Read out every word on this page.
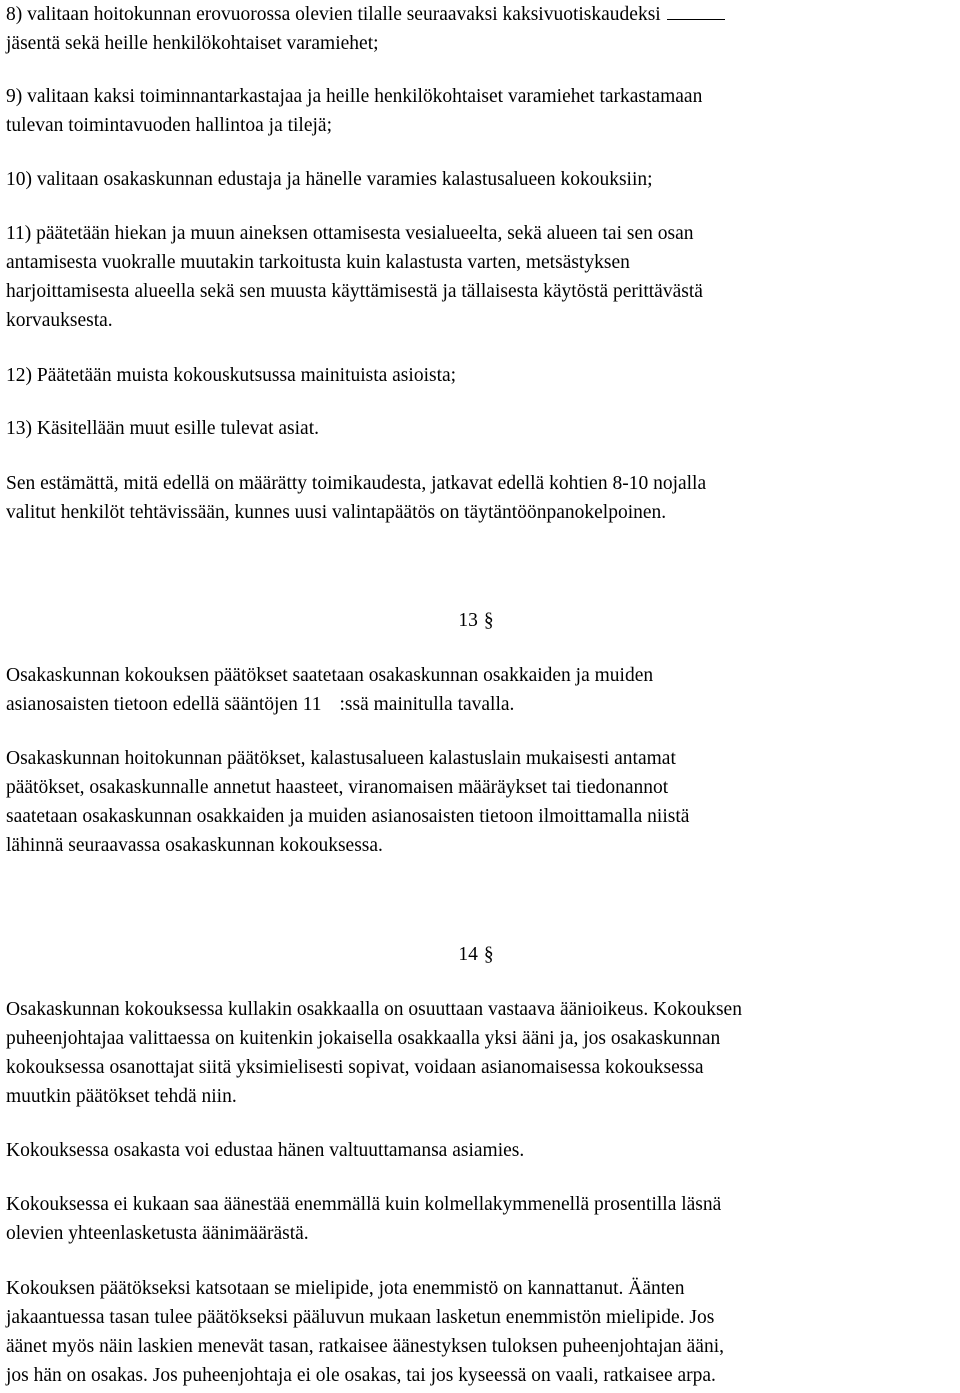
8) valitaan hoitokunnan erovuorossa olevien tilalle seuraavaksi kaksivuotiskaudeksi
jäsentä sekä heille henkilökohtaiset varamiehet;

9) valitaan kaksi toiminnantarkastajaa ja heille henkilökohtaiset varamiehet tarkastamaan
tulevan toimintavuoden hallintoa ja tilejä;

10) valitaan osakaskunnan edustaja ja hänelle varamies kalastusalueen kokouksiin;

11) päätetään hiekan ja muun aineksen ottamisesta vesialueelta, sekä alueen tai sen osan
antamisesta vuokralle muutakin tarkoitusta kuin kalastusta varten, metsästyksen
harjoittamisesta alueella sekä sen muusta käyttämisestä ja tällaisesta käytöstä perittävästä
korvauksesta.

12) Päätetään muista kokouskutsussa mainituista asioista;

13) Käsitellään muut esille tulevat asiat.

Sen estämättä, mitä edellä on määrätty toimikaudesta, jatkavat edellä kohtien 8-10 nojalla
valitut henkilöt tehtävissään, kunnes uusi valintapäätös on täytäntöönpanokelpoinen.

13 §

Osakaskunnan kokouksen päätökset saatetaan osakaskunnan osakkaiden ja muiden
asianosaisten tietoon edellä sääntöjen 11 :ssä mainitulla tavalla.

Osakaskunnan hoitokunnan päätökset, kalastusalueen kalastuslain mukaisesti antamat
päätökset, osakaskunnalle annetut haasteet, viranomaisen määräykset tai tiedonannot
saatetaan osakaskunnan osakkaiden ja muiden asianosaisten tietoon ilmoittamalla niistä
lähinnä seuraavassa osakaskunnan kokouksessa.

14 §

Osakaskunnan kokouksessa kullakin osakkaalla on osuuttaan vastaava äänioikeus. Kokouksen
puheenjohtajaa valittaessa on kuitenkin jokaisella osakkaalla yksi ääni ja, jos osakaskunnan
kokouksessa osanottajat siitä yksimielisesti sopivat, voidaan asianomaisessa kokouksessa
muutkin päätökset tehdä niin.

Kokouksessa osakasta voi edustaa hänen valtuuttamansa asiamies.

Kokouksessa ei kukaan saa äänestää enemmällä kuin kolmellakymmenellä prosentilla läsnä
olevien yhteenlasketusta äänimäärästä.

Kokouksen päätökseksi katsotaan se mielipide, jota enemmistö on kannattanut. Äänten
jakaantuessa tasan tulee päätökseksi pääluvun mukaan lasketun enemmistön mielipide. Jos
äänet myös näin laskien menevät tasan, ratkaisee äänestyksen tuloksen puheenjohtajan ääni,
jos hän on osakas. Jos puheenjohtaja ei ole osakas, tai jos kyseessä on vaali, ratkaisee arpa.
